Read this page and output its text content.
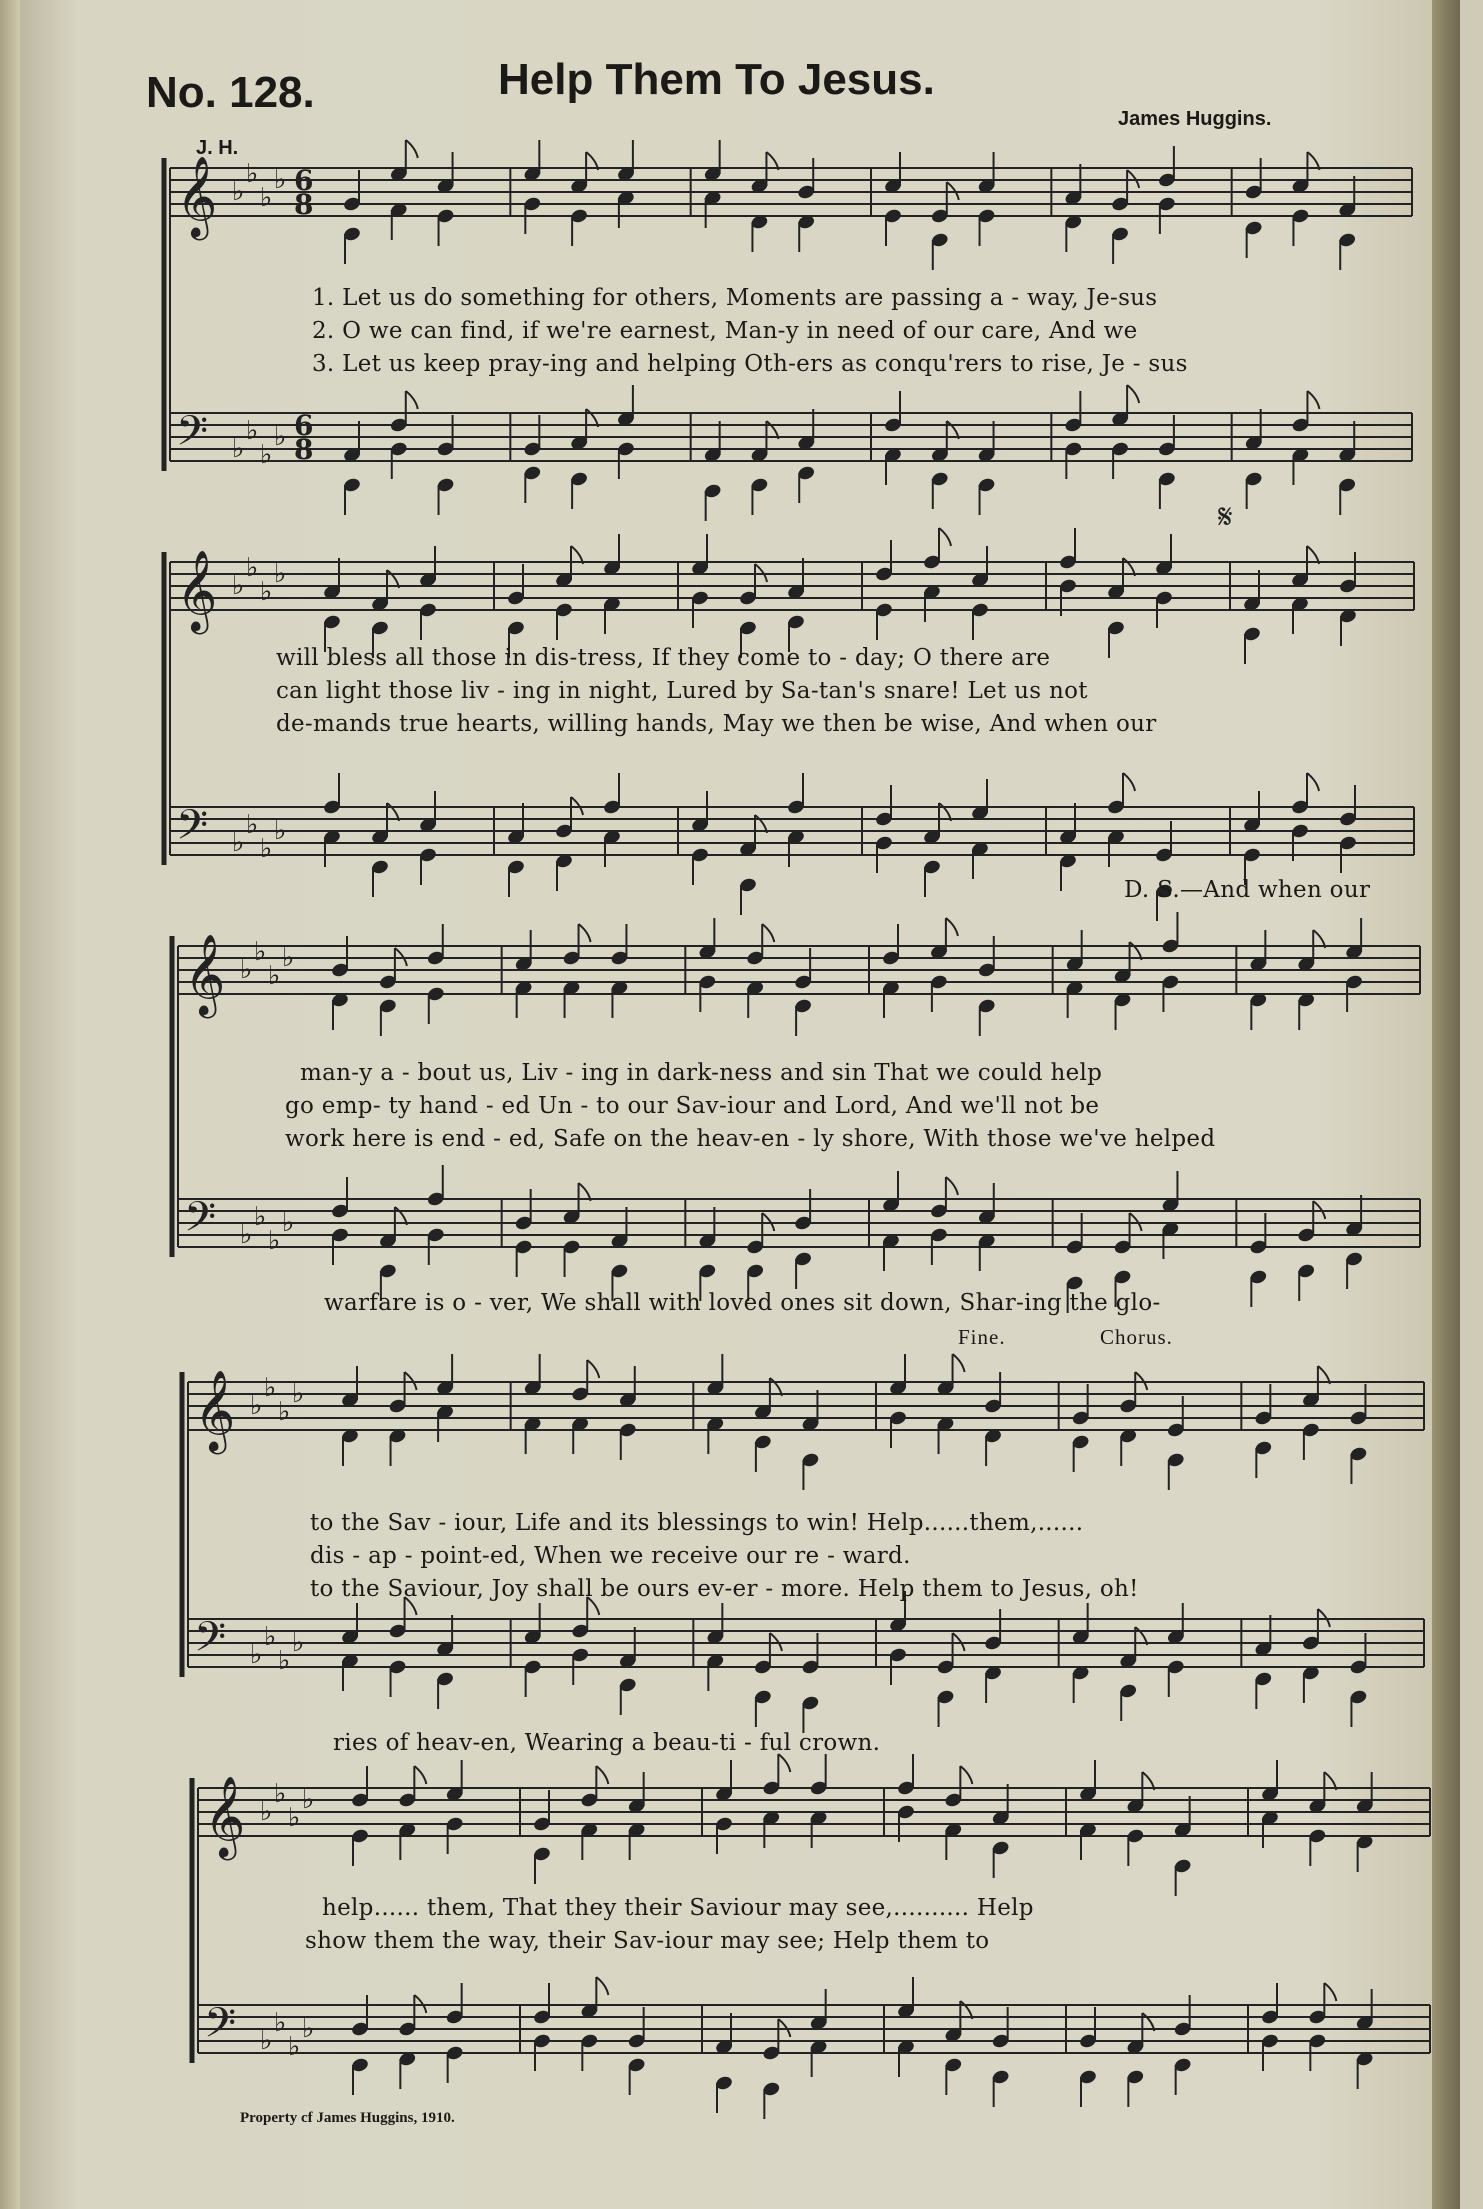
No. 128.	Help Them To Jesus.
James Huggins.
J. H.
𝄞 ♭
♭
♭
♭ 6
8
𝄢 ♭
♭
♭
♭ 6
8
𝄞 ♭
♭
♭
♭
𝄢 ♭
♭
♭
♭
𝄞 ♭
♭
♭
♭
𝄢 ♭
♭
♭
♭
𝄞 ♭
♭
♭
♭
𝄢 ♭
♭
♭
♭
𝄞 ♭
♭
♭
♭
𝄢 ♭
♭
♭
♭
𝄋
1. Let us do something for others, Moments are passing a - way, Je-sus
2. O we can find, if we're earnest, Man-y in need of our care, And we
3. Let us keep pray-ing and helping Oth-ers as conqu'rers to rise, Je - sus
will bless all those in dis-tress, If they come to - day; O there are
can light those liv - ing in night, Lured by Sa-tan's snare! Let us not
de-mands true hearts, willing hands, May we then be wise, And when our
D. S.—And when our
man-y a - bout us, Liv - ing in dark-ness and sin That we could help
go emp- ty hand - ed Un - to our Sav-iour and Lord, And we'll not be
work here is end - ed, Safe on the heav-en - ly shore, With those we've helped
warfare is o - ver, We shall with loved ones sit down, Shar-ing the glo-
Fine.	Chorus.
to the Sav - iour, Life and its blessings to win! Help......them,......
dis - ap - point-ed, When we receive our re - ward.
to the Saviour, Joy shall be ours ev-er - more. Help them to Jesus, oh!
ries of heav-en, Wearing a beau-ti - ful crown.
help...... them, That they their Saviour may see,.......... Help
show them the way, their Sav-iour may see; Help them to
Property cf James Huggins, 1910.
